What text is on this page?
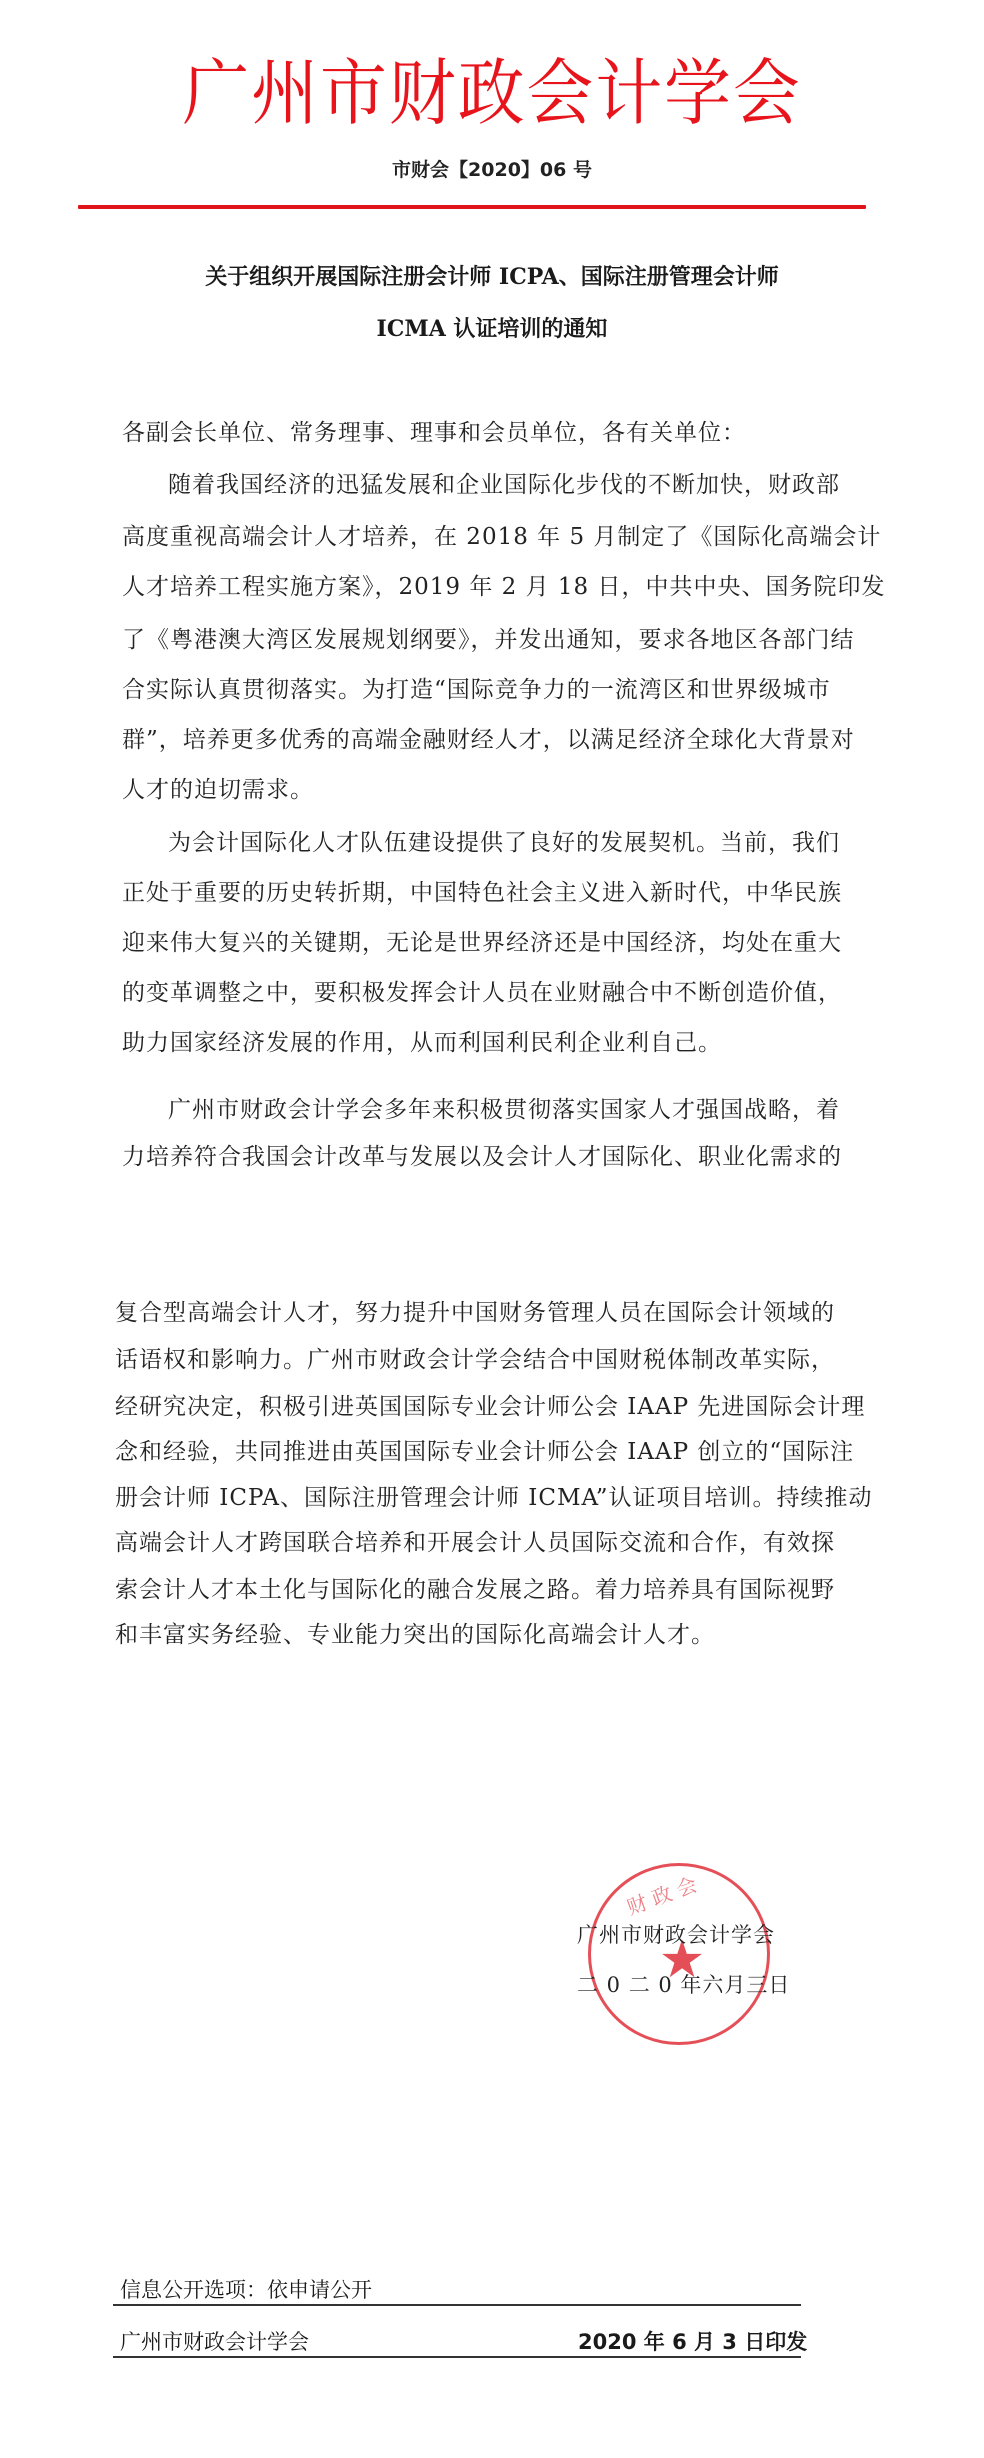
广州市财政会计学会
市财会【2020】06 号
关于组织开展国际注册会计师 ICPA、国际注册管理会计师
ICMA 认证培训的通知
各副会长单位、常务理事、理事和会员单位，各有关单位：
随着我国经济的迅猛发展和企业国际化步伐的不断加快，财政部
高度重视高端会计人才培养，在 2018 年 5 月制定了《国际化高端会计
人才培养工程实施方案》，2019 年 2 月 18 日，中共中央、国务院印发
了《粤港澳大湾区发展规划纲要》，并发出通知，要求各地区各部门结
合实际认真贯彻落实。为打造“国际竞争力的一流湾区和世界级城市
群”，培养更多优秀的高端金融财经人才，以满足经济全球化大背景对
人才的迫切需求。
为会计国际化人才队伍建设提供了良好的发展契机。当前，我们
正处于重要的历史转折期，中国特色社会主义进入新时代，中华民族
迎来伟大复兴的关键期，无论是世界经济还是中国经济，均处在重大
的变革调整之中，要积极发挥会计人员在业财融合中不断创造价值，
助力国家经济发展的作用，从而利国利民利企业利自己。
广州市财政会计学会多年来积极贯彻落实国家人才强国战略，着
力培养符合我国会计改革与发展以及会计人才国际化、职业化需求的
复合型高端会计人才，努力提升中国财务管理人员在国际会计领域的
话语权和影响力。广州市财政会计学会结合中国财税体制改革实际，
经研究决定，积极引进英国国际专业会计师公会 IAAP 先进国际会计理
念和经验，共同推进由英国国际专业会计师公会 IAAP 创立的“国际注
册会计师 ICPA、国际注册管理会计师 ICMA”认证项目培训。持续推动
高端会计人才跨国联合培养和开展会计人员国际交流和合作，有效探
索会计人才本土化与国际化的融合发展之路。着力培养具有国际视野
和丰富实务经验、专业能力突出的国际化高端会计人才。
★
财 政 会
广州市财政会计学会
二 0 二 0 年六月三日
信息公开选项：依申请公开
广州市财政会计学会	2020 年 6 月 3 日印发
